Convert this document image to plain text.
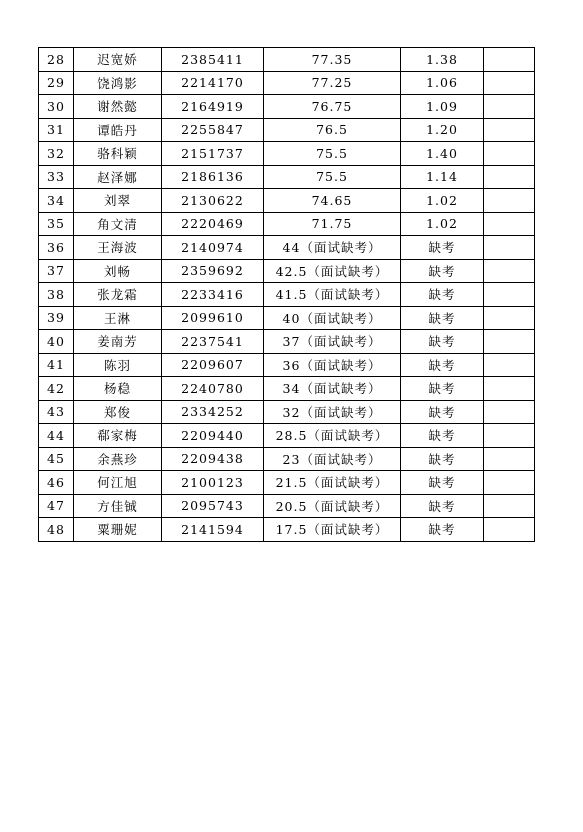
28	迟宽娇	2385411	77.35	1.38	
29	饶鸿影	2214170	77.25	1.06	
30	谢然懿	2164919	76.75	1.09	
31	谭皓丹	2255847	76.5	1.20	
32	骆科颖	2151737	75.5	1.40	
33	赵泽娜	2186136	75.5	1.14	
34	刘翠	2130622	74.65	1.02	
35	角文清	2220469	71.75	1.02	
36	王海波	2140974	44（面试缺考）	缺考	
37	刘畅	2359692	42.5（面试缺考）	缺考	
38	张龙霜	2233416	41.5（面试缺考）	缺考	
39	王淋	2099610	40（面试缺考）	缺考	
40	姜南芳	2237541	37（面试缺考）	缺考	
41	陈羽	2209607	36（面试缺考）	缺考	
42	杨稳	2240780	34（面试缺考）	缺考	
43	郑俊	2334252	32（面试缺考）	缺考	
44	郗家梅	2209440	28.5（面试缺考）	缺考	
45	余燕珍	2209438	23（面试缺考）	缺考	
46	何江旭	2100123	21.5（面试缺考）	缺考	
47	方佳铖	2095743	20.5（面试缺考）	缺考	
48	粟珊妮	2141594	17.5（面试缺考）	缺考	
